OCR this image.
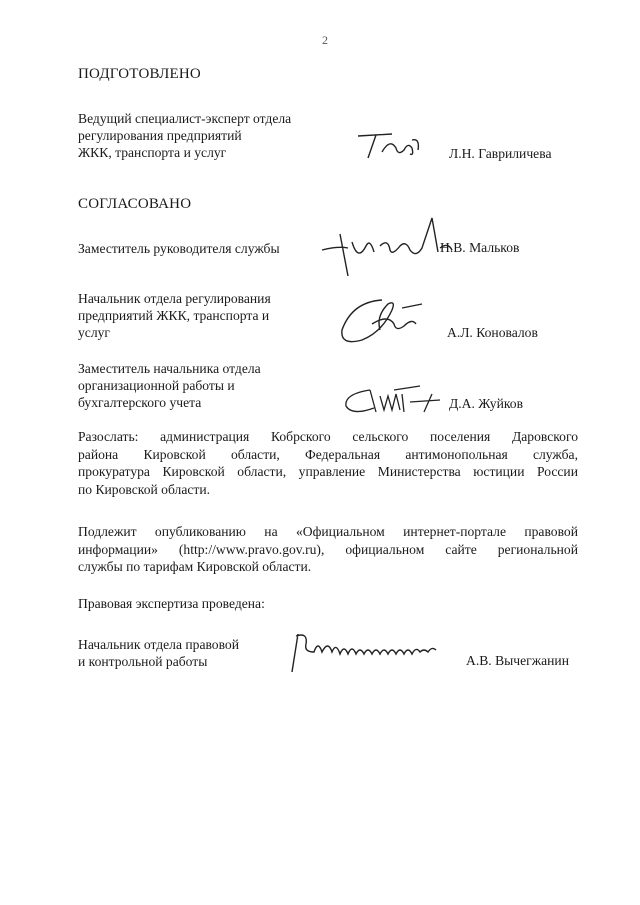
2
ПОДГОТОВЛЕНО
Ведущий специалист-эксперт отдела
регулирования предприятий
ЖКК, транспорта и услуг	Л.Н. Гавриличева
СОГЛАСОВАНО
Заместитель руководителя службы	Н.В. Мальков
Начальник отдела регулирования
предприятий ЖКК, транспорта и
услуг	А.Л. Коновалов
Заместитель начальника отдела
организационной работы и
бухгалтерского учета	Д.А. Жуйков
Разослать: администрация Кобрского сельского поселения Даровского
района Кировской области, Федеральная антимонопольная служба,
прокуратура Кировской области, управление Министерства юстиции России
по Кировской области.
Подлежит опубликованию на «Официальном интернет-портале правовой
информации» (http://www.pravo.gov.ru), официальном сайте региональной
службы по тарифам Кировской области.
Правовая экспертиза проведена:
Начальник отдела правовой
и контрольной работы	А.В. Вычегжанин
